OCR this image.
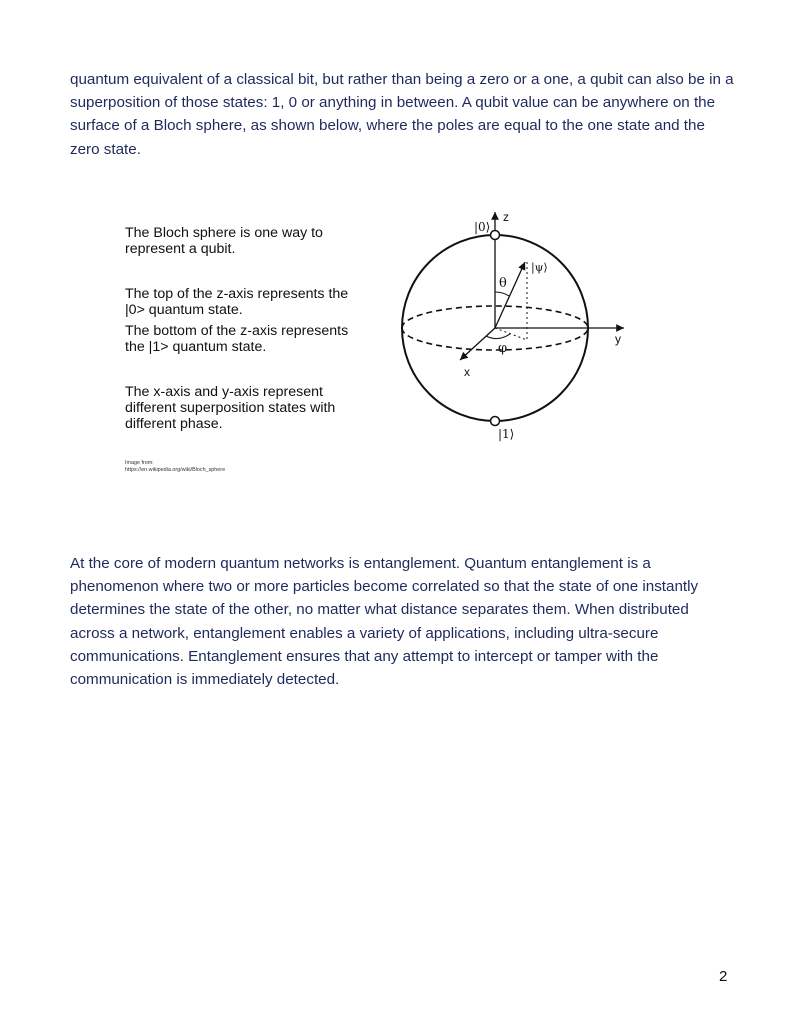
quantum equivalent of a classical bit, but rather than being a zero or a one, a qubit can also be in a superposition of those states: 1, 0 or anything in between. A qubit value can be anywhere on the surface of a Bloch sphere, as shown below, where the poles are equal to the one state and the zero state.

The Bloch sphere is one way to represent a qubit.
The top of the z-axis represents the |0> quantum state.
The bottom of the z-axis represents the |1> quantum state.
The x-axis and y-axis represent different superposition states with different phase.
Image from:
https://en.wikipedia.org/wiki/Bloch_sphere
z
y
x
|0⟩
|1⟩
|ψ⟩
θ
φ

At the core of modern quantum networks is entanglement. Quantum entanglement is a phenomenon where two or more particles become correlated so that the state of one instantly determines the state of the other, no matter what distance separates them. When distributed across a network, entanglement enables a variety of applications, including ultra-secure communications. Entanglement ensures that any attempt to intercept or tamper with the communication is immediately detected.

2
